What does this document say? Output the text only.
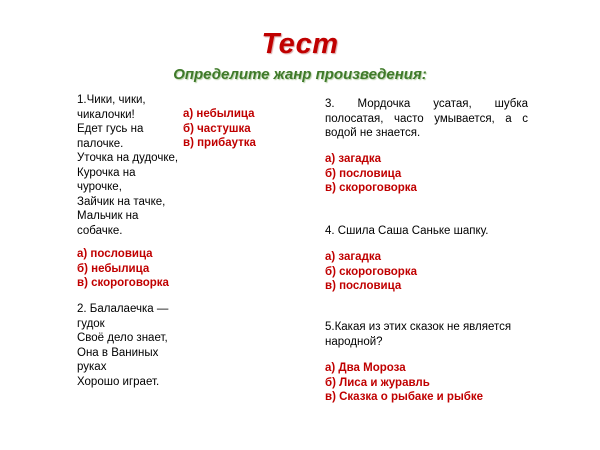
Тест
Определите жанр произведения:
1.Чики, чики,
чикалочки!
Едет гусь на
палочке.
Уточка на дудочке,
Курочка на
чурочке,
Зайчик на тачке,
Мальчик на
собачке.
а) небылица
б) частушка
в) прибаутка
а) пословица
б) небылица
в) скороговорка
2. Балалаечка —
гудок
Своё дело знает,
Она в Ваниных
руках
Хорошо играет.
3. Мордочка усатая, шубка полосатая, часто умывается, а с водой не знается.
а) загадка
б) пословица
в) скороговорка
4. Сшила Саша Саньке шапку.
а) загадка
б) скороговорка
в) пословица
5.Какая из этих сказок не является народной?
а) Два Мороза
б) Лиса и журавль
в) Сказка о рыбаке и рыбке
